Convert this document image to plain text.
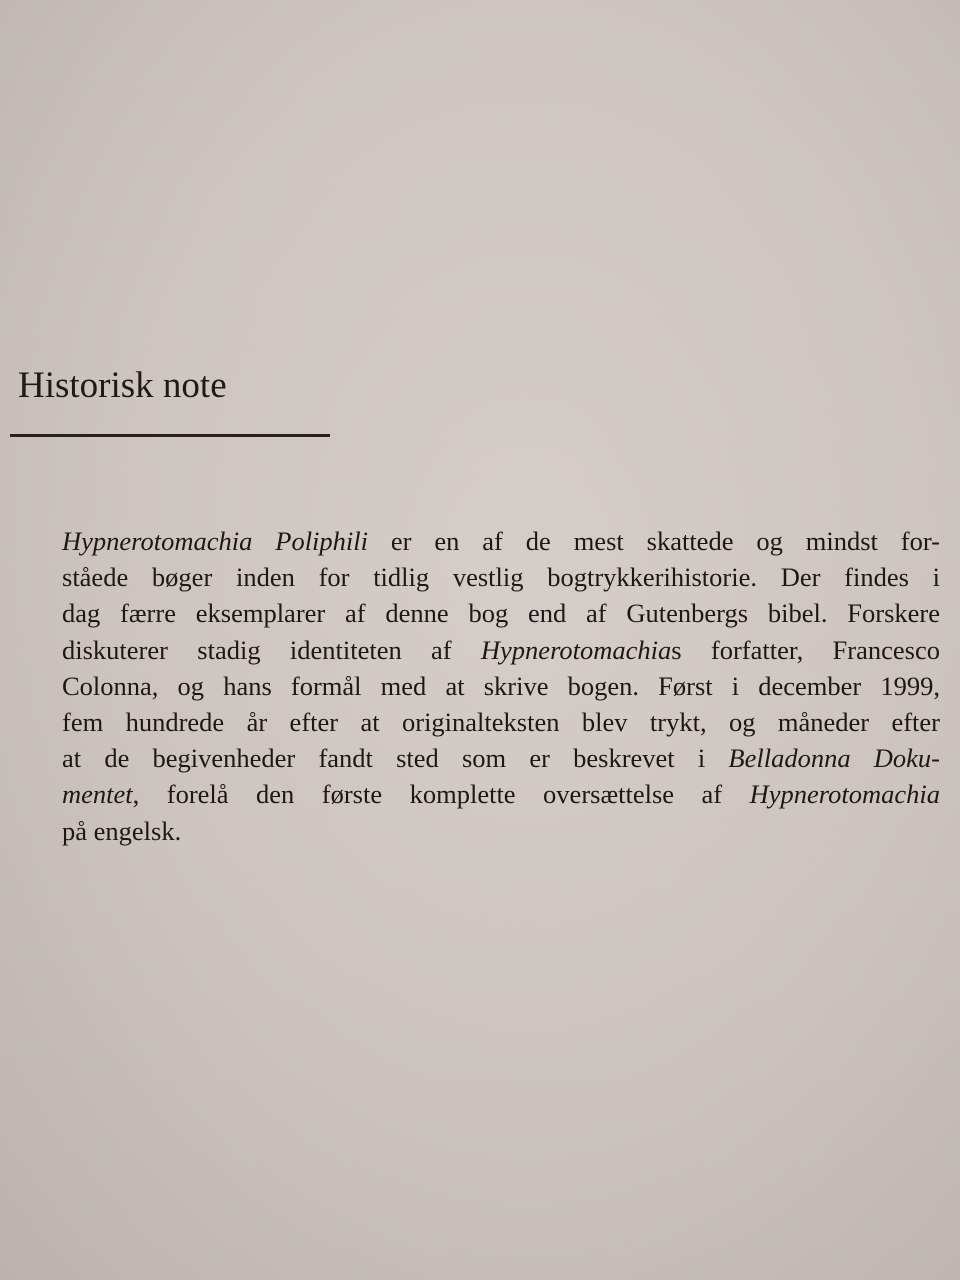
Historisk note
Hypnerotomachia Poliphili er en af de mest skattede og mindst for-
ståede bøger inden for tidlig vestlig bogtrykkerihistorie. Der findes i
dag færre eksemplarer af denne bog end af Gutenbergs bibel. Forskere
diskuterer stadig identiteten af Hypnerotomachias forfatter, Francesco
Colonna, og hans formål med at skrive bogen. Først i december 1999,
fem hundrede år efter at originalteksten blev trykt, og måneder efter
at de begivenheder fandt sted som er beskrevet i Belladonna Doku-
mentet, forelå den første komplette oversættelse af Hypnerotomachia
på engelsk.
